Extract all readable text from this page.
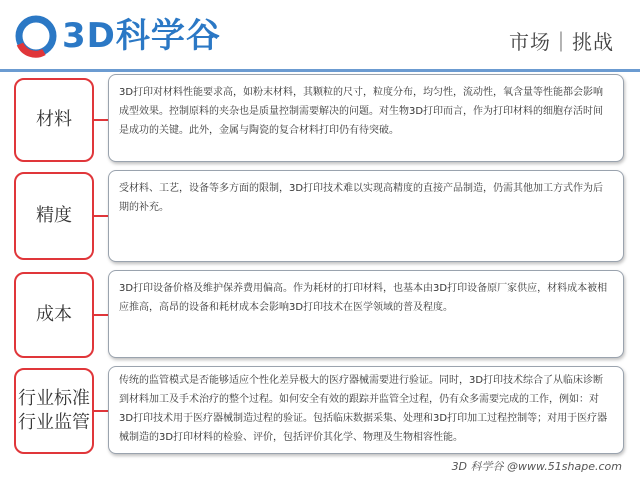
3D科学谷	市场｜挑战
材料

3D打印对材料性能要求高，如粉末材料，其颗粒的尺寸，粒度分布，均匀性，流动性，氧含量等性能都会影响成型效果。控制原料的夹杂也是质量控制需要解决的问题。对生物3D打印而言，作为打印材料的细胞存活时间是成功的关键。此外，金属与陶瓷的复合材料打印仍有待突破。

精度

受材料、工艺，设备等多方面的限制，3D打印技术难以实现高精度的直接产品制造，仍需其他加工方式作为后期的补充。

成本

3D打印设备价格及维护保养费用偏高。作为耗材的打印材料，也基本由3D打印设备原厂家供应，材料成本被相应推高，高昂的设备和耗材成本会影响3D打印技术在医学领域的普及程度。

行业标准
行业监管

传统的监管模式是否能够适应个性化差异极大的医疗器械需要进行验证。同时，3D打印技术综合了从临床诊断到材料加工及手术治疗的整个过程。如何安全有效的跟踪并监管全过程，仍有众多需要完成的工作，例如：对3D打印技术用于医疗器械制造过程的验证。包括临床数据采集、处理和3D打印加工过程控制等；对用于医疗器械制造的3D打印材料的检验、评价，包括评价其化学、物理及生物相容性能。

3D 科学谷 @www.51shape.com
